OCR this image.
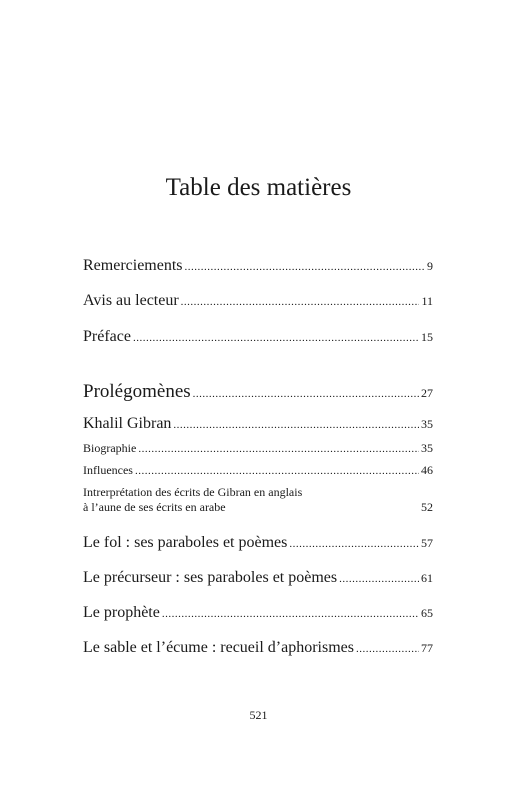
Table des matières
Remerciements .....	9
Avis au lecteur .....	11
Préface .....	15
Prolégomènes .....	27
Khalil Gibran .....	35
Biographie .....	35
Influences .....	46
Intrerprétation des écrits de Gibran en anglais
à l’aune de ses écrits en arabe	52
Le fol : ses paraboles et poèmes .....	57
Le précurseur : ses paraboles et poèmes .....	61
Le prophète .....	65
Le sable et l’écume : recueil d’aphorismes .....	77
521
